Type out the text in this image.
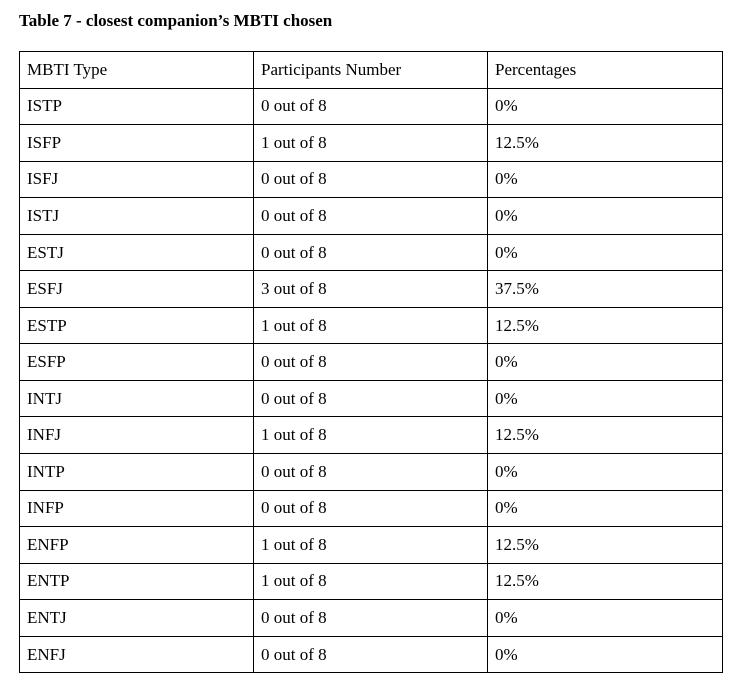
Table 7 - closest companion’s MBTI chosen
MBTI Type	Participants Number	Percentages
ISTP	0 out of 8	0%
ISFP	1 out of 8	12.5%
ISFJ	0 out of 8	0%
ISTJ	0 out of 8	0%
ESTJ	0 out of 8	0%
ESFJ	3 out of 8	37.5%
ESTP	1 out of 8	12.5%
ESFP	0 out of 8	0%
INTJ	0 out of 8	0%
INFJ	1 out of 8	12.5%
INTP	0 out of 8	0%
INFP	0 out of 8	0%
ENFP	1 out of 8	12.5%
ENTP	1 out of 8	12.5%
ENTJ	0 out of 8	0%
ENFJ	0 out of 8	0%
